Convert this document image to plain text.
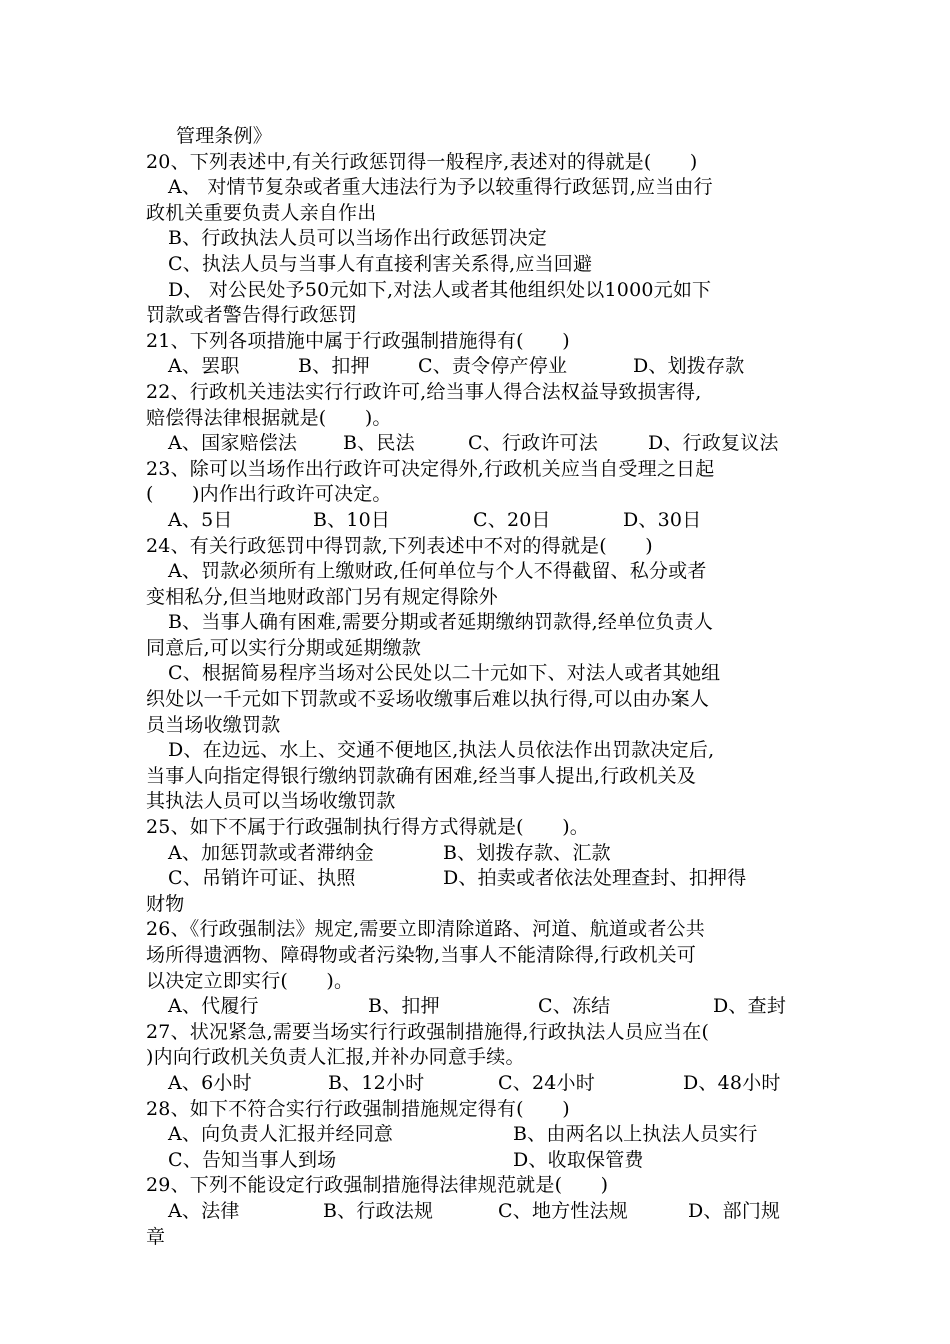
管理条例》
20、下列表述中,有关行政惩罚得一般程序,表述对的得就是(　　)
A、 对情节复杂或者重大违法行为予以较重得行政惩罚,应当由行
政机关重要负责人亲自作出
B、行政执法人员可以当场作出行政惩罚决定
C、执法人员与当事人有直接利害关系得,应当回避
D、 对公民处予50元如下,对法人或者其他组织处以1000元如下
罚款或者警告得行政惩罚
21、下列各项措施中属于行政强制措施得有(　　)
A、罢职	B、扣押	C、责令停产停业	D、划拨存款
22、行政机关违法实行行政许可,给当事人得合法权益导致损害得,
赔偿得法律根据就是(　　)。
A、国家赔偿法	B、民法	C、行政许可法	D、行政复议法
23、除可以当场作出行政许可决定得外,行政机关应当自受理之日起
(　　)内作出行政许可决定。
A、5日	B、10日	C、20日	D、30日
24、有关行政惩罚中得罚款,下列表述中不对的得就是(　　)
A、罚款必须所有上缴财政,任何单位与个人不得截留、私分或者
变相私分,但当地财政部门另有规定得除外
B、当事人确有困难,需要分期或者延期缴纳罚款得,经单位负责人
同意后,可以实行分期或延期缴款
C、根据简易程序当场对公民处以二十元如下、对法人或者其她组
织处以一千元如下罚款或不妥场收缴事后难以执行得,可以由办案人
员当场收缴罚款
D、在边远、水上、交通不便地区,执法人员依法作出罚款决定后,
当事人向指定得银行缴纳罚款确有困难,经当事人提出,行政机关及
其执法人员可以当场收缴罚款
25、如下不属于行政强制执行得方式得就是(　　)。
A、加惩罚款或者滞纳金	B、划拨存款、汇款
C、吊销许可证、执照	D、拍卖或者依法处理查封、扣押得
财物
26、《行政强制法》规定,需要立即清除道路、河道、航道或者公共
场所得遗洒物、障碍物或者污染物,当事人不能清除得,行政机关可
以决定立即实行(　　)。
A、代履行	B、扣押	C、冻结	D、查封
27、状况紧急,需要当场实行行政强制措施得,行政执法人员应当在(
)内向行政机关负责人汇报,并补办同意手续。
A、6小时	B、12小时	C、24小时	D、48小时
28、如下不符合实行行政强制措施规定得有(　　)
A、向负责人汇报并经同意	B、由两名以上执法人员实行
C、告知当事人到场	D、收取保管费
29、下列不能设定行政强制措施得法律规范就是(　　)
A、法律	B、行政法规	C、地方性法规	D、部门规
章
